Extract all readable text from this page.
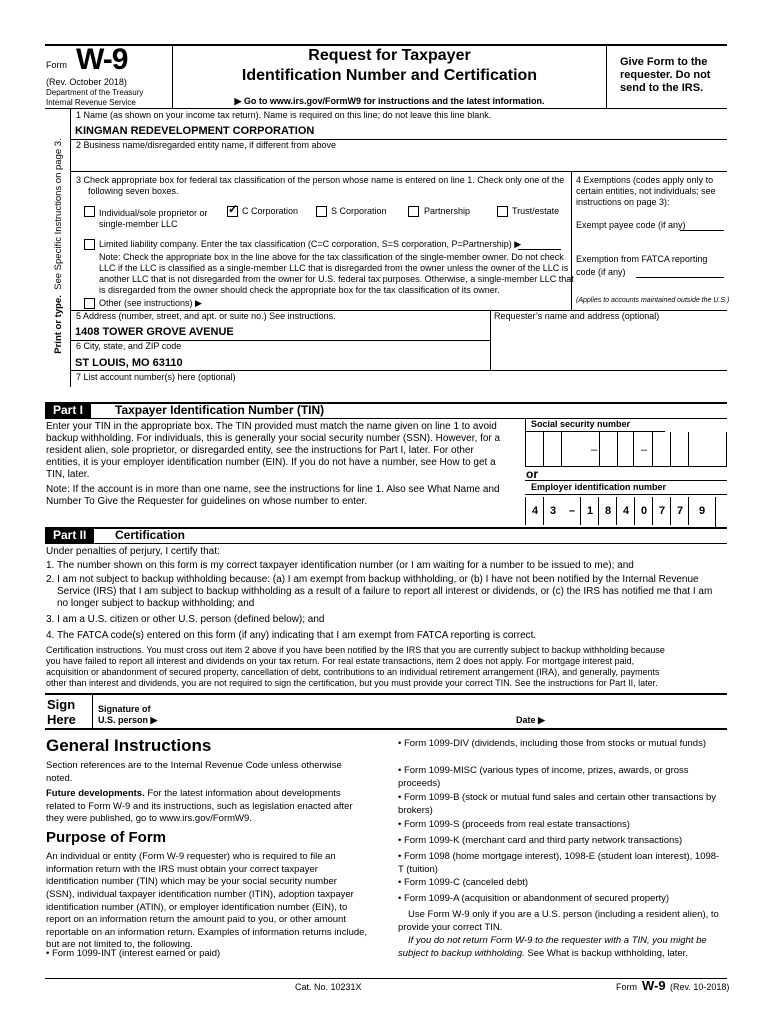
Form W-9
(Rev. October 2018)
Department of the Treasury
Internal Revenue Service
Request for Taxpayer
Identification Number and Certification
▶ Go to www.irs.gov/FormW9 for instructions and the latest information.
Give Form to the
requester. Do not
send to the IRS.
Print or type.  See Specific Instructions on page 3.
1 Name (as shown on your income tax return). Name is required on this line; do not leave this line blank.
KINGMAN REDEVELOPMENT CORPORATION
2 Business name/disregarded entity name, if different from above
3 Check appropriate box for federal tax classification of the person whose name is entered on line 1. Check only one of the
following seven boxes.
Individual/sole proprietor or
single-member LLC
✓ C Corporation	S Corporation	Partnership	Trust/estate
Limited liability company. Enter the tax classification (C=C corporation, S=S corporation, P=Partnership) ▶
Note: Check the appropriate box in the line above for the tax classification of the single-member owner. Do not check
LLC if the LLC is classified as a single-member LLC that is disregarded from the owner unless the owner of the LLC is
another LLC that is not disregarded from the owner for U.S. federal tax purposes. Otherwise, a single-member LLC that
is disregarded from the owner should check the appropriate box for the tax classification of its owner.
Other (see instructions) ▶
4 Exemptions (codes apply only to
certain entities, not individuals; see
instructions on page 3):
Exempt payee code (if any)
Exemption from FATCA reporting
code (if any)
(Applies to accounts maintained outside the U.S.)
5 Address (number, street, and apt. or suite no.) See instructions.	Requester’s name and address (optional)
1408 TOWER GROVE AVENUE
6 City, state, and ZIP code
ST LOUIS, MO 63110
7 List account number(s) here (optional)
Part I	Taxpayer Identification Number (TIN)
Enter your TIN in the appropriate box. The TIN provided must match the name given on line 1 to avoid
backup withholding. For individuals, this is generally your social security number (SSN). However, for a
resident alien, sole proprietor, or disregarded entity, see the instructions for Part I, later. For other
entities, it is your employer identification number (EIN). If you do not have a number, see How to get a
TIN, later.
Note: If the account is in more than one name, see the instructions for line 1. Also see What Name and
Number To Give the Requester for guidelines on whose number to enter.
Social security number
–	–
or
Employer identification number
4	3	–	1	8	4	0	7	7	9
Part II	Certification
Under penalties of perjury, I certify that:
1. The number shown on this form is my correct taxpayer identification number (or I am waiting for a number to be issued to me); and
2. I am not subject to backup withholding because: (a) I am exempt from backup withholding, or (b) I have not been notified by the Internal Revenue
Service (IRS) that I am subject to backup withholding as a result of a failure to report all interest or dividends, or (c) the IRS has notified me that I am
no longer subject to backup withholding; and
3. I am a U.S. citizen or other U.S. person (defined below); and
4. The FATCA code(s) entered on this form (if any) indicating that I am exempt from FATCA reporting is correct.
Certification instructions. You must cross out item 2 above if you have been notified by the IRS that you are currently subject to backup withholding because
you have failed to report all interest and dividends on your tax return. For real estate transactions, item 2 does not apply. For mortgage interest paid,
acquisition or abandonment of secured property, cancellation of debt, contributions to an individual retirement arrangement (IRA), and generally, payments
other than interest and dividends, you are not required to sign the certification, but you must provide your correct TIN. See the instructions for Part II, later.
Sign
Here
Signature of
U.S. person ▶	Date ▶
General Instructions
Section references are to the Internal Revenue Code unless otherwise noted.
Future developments. For the latest information about developments related to Form W-9 and its instructions, such as legislation enacted after they were published, go to www.irs.gov/FormW9.
Purpose of Form
An individual or entity (Form W-9 requester) who is required to file an information return with the IRS must obtain your correct taxpayer identification number (TIN) which may be your social security number (SSN), individual taxpayer identification number (ITIN), adoption taxpayer identification number (ATIN), or employer identification number (EIN), to report on an information return the amount paid to you, or other amount reportable on an information return. Examples of information returns include, but are not limited to, the following.
• Form 1099-INT (interest earned or paid)
• Form 1099-DIV (dividends, including those from stocks or mutual funds)
• Form 1099-MISC (various types of income, prizes, awards, or gross proceeds)
• Form 1099-B (stock or mutual fund sales and certain other transactions by brokers)
• Form 1099-S (proceeds from real estate transactions)
• Form 1099-K (merchant card and third party network transactions)
• Form 1098 (home mortgage interest), 1098-E (student loan interest), 1098-T (tuition)
• Form 1099-C (canceled debt)
• Form 1099-A (acquisition or abandonment of secured property)
Use Form W-9 only if you are a U.S. person (including a resident alien), to provide your correct TIN.
If you do not return Form W-9 to the requester with a TIN, you might be subject to backup withholding. See What is backup withholding, later.
Cat. No. 10231X	Form W-9 (Rev. 10-2018)
